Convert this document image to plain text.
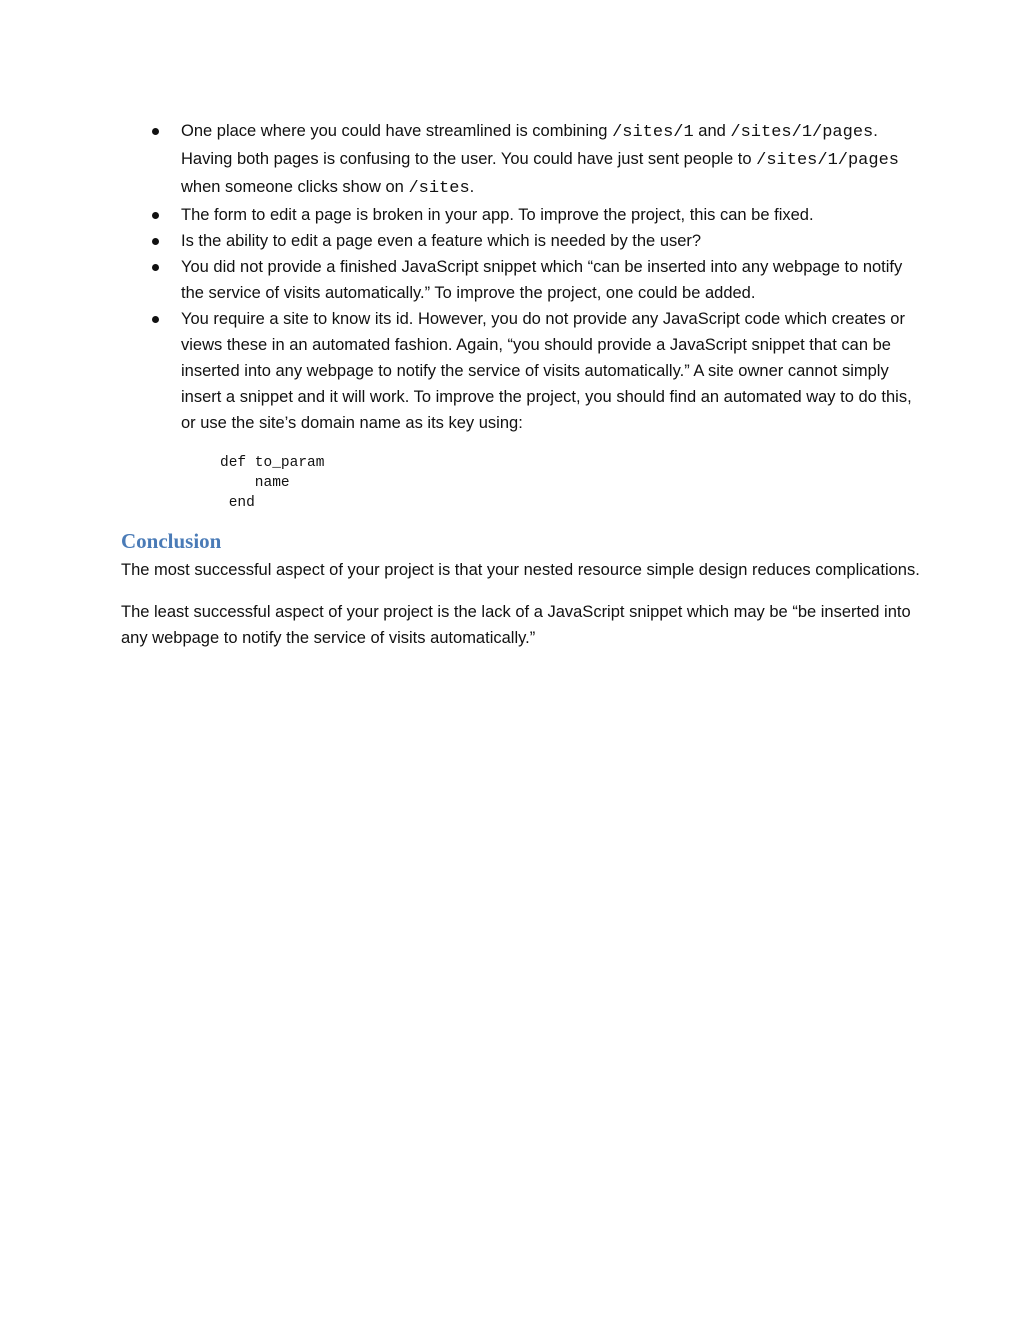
One place where you could have streamlined is combining /sites/1 and /sites/1/pages. Having both pages is confusing to the user. You could have just sent people to /sites/1/pages when someone clicks show on /sites.
The form to edit a page is broken in your app. To improve the project, this can be fixed.
Is the ability to edit a page even a feature which is needed by the user?
You did not provide a finished JavaScript snippet which “can be inserted into any webpage to notify the service of visits automatically.” To improve the project, one could be added.
You require a site to know its id. However, you do not provide any JavaScript code which creates or views these in an automated fashion. Again, “you should provide a JavaScript snippet that can be inserted into any webpage to notify the service of visits automatically.” A site owner cannot simply insert a snippet and it will work. To improve the project, you should find an automated way to do this, or use the site’s domain name as its key using:
def to_param
name
end
Conclusion

The most successful aspect of your project is that your nested resource simple design reduces complications.

The least successful aspect of your project is the lack of a JavaScript snippet which may be “be inserted into any webpage to notify the service of visits automatically.”
